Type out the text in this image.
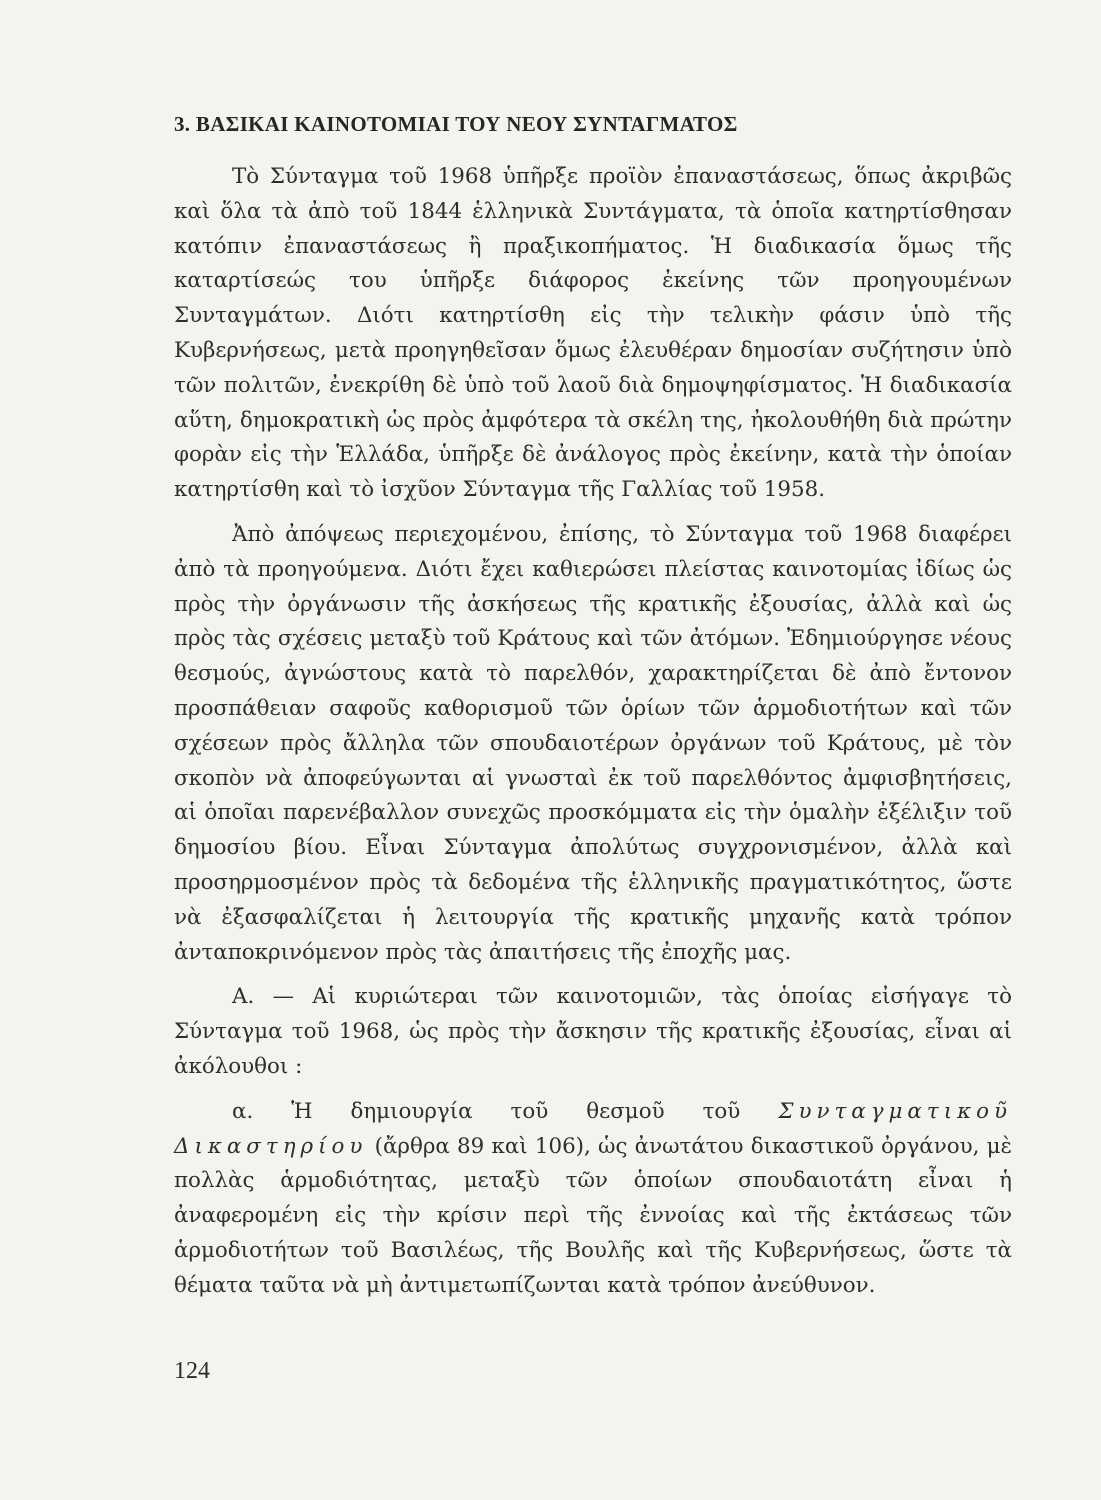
3. ΒΑΣΙΚΑΙ ΚΑΙΝΟΤΟΜΙΑΙ ΤΟΥ ΝΕΟΥ ΣΥΝΤΑΓΜΑΤΟΣ

Τὸ Σύνταγμα τοῦ 1968 ὑπῆρξε προϊὸν ἐπαναστάσεως, ὅπως ἀκριβῶς καὶ ὅλα τὰ ἀπὸ τοῦ 1844 ἑλληνικὰ Συντάγματα, τὰ ὁποῖα κατηρτίσθησαν κατόπιν ἐπαναστάσεως ἢ πραξικοπήματος. Ἡ διαδικασία ὅμως τῆς καταρτίσεώς του ὑπῆρξε διάφορος ἐκείνης τῶν προηγουμένων Συνταγμάτων. Διότι κατηρτίσθη εἰς τὴν τελικὴν φάσιν ὑπὸ τῆς Κυβερνήσεως, μετὰ προηγηθεῖσαν ὅμως ἐλευθέραν δημοσίαν συζήτησιν ὑπὸ τῶν πολιτῶν, ἐνεκρίθη δὲ ὑπὸ τοῦ λαοῦ διὰ δημοψηφίσματος. Ἡ διαδικασία αὕτη, δημοκρατικὴ ὡς πρὸς ἀμφότερα τὰ σκέλη της, ἠκολουθήθη διὰ πρώτην φορὰν εἰς τὴν Ἑλλάδα, ὑπῆρξε δὲ ἀνάλογος πρὸς ἐκείνην, κατὰ τὴν ὁποίαν κατηρτίσθη καὶ τὸ ἰσχῦον Σύνταγμα τῆς Γαλλίας τοῦ 1958.

Ἀπὸ ἀπόψεως περιεχομένου, ἐπίσης, τὸ Σύνταγμα τοῦ 1968 διαφέρει ἀπὸ τὰ προηγούμενα. Διότι ἔχει καθιερώσει πλείστας καινοτομίας ἰδίως ὡς πρὸς τὴν ὀργάνωσιν τῆς ἀσκήσεως τῆς κρατικῆς ἐξουσίας, ἀλλὰ καὶ ὡς πρὸς τὰς σχέσεις μεταξὺ τοῦ Κράτους καὶ τῶν ἀτόμων. Ἐδημιούργησε νέους θεσμούς, ἀγνώστους κατὰ τὸ παρελθόν, χαρακτηρίζεται δὲ ἀπὸ ἔντονον προσπάθειαν σαφοῦς καθορισμοῦ τῶν ὁρίων τῶν ἁρμοδιοτήτων καὶ τῶν σχέσεων πρὸς ἄλληλα τῶν σπουδαιοτέρων ὀργάνων τοῦ Κράτους, μὲ τὸν σκοπὸν νὰ ἀποφεύγωνται αἱ γνωσταὶ ἐκ τοῦ παρελθόντος ἀμφισβητήσεις, αἱ ὁποῖαι παρενέβαλλον συνεχῶς προσκόμματα εἰς τὴν ὁμαλὴν ἐξέλιξιν τοῦ δημοσίου βίου. Εἶναι Σύνταγμα ἀπολύτως συγχρονισμένον, ἀλλὰ καὶ προσηρμοσμένον πρὸς τὰ δεδομένα τῆς ἑλληνικῆς πραγματικότητος, ὥστε νὰ ἐξασφαλίζεται ἡ λειτουργία τῆς κρατικῆς μηχανῆς κατὰ τρόπον ἀνταποκρινόμενον πρὸς τὰς ἀπαιτήσεις τῆς ἐποχῆς μας.

Α. — Αἱ κυριώτεραι τῶν καινοτομιῶν, τὰς ὁποίας εἰσήγαγε τὸ Σύνταγμα τοῦ 1968, ὡς πρὸς τὴν ἄσκησιν τῆς κρατικῆς ἐξουσίας, εἶναι αἱ ἀκόλουθοι :

α. Ἡ δημιουργία τοῦ θεσμοῦ τοῦ Συνταγματικοῦ Δικαστηρίου (ἄρθρα 89 καὶ 106), ὡς ἀνωτάτου δικαστικοῦ ὀργάνου, μὲ πολλὰς ἁρμοδιότητας, μεταξὺ τῶν ὁποίων σπουδαιοτάτη εἶναι ἡ ἀναφερομένη εἰς τὴν κρίσιν περὶ τῆς ἐννοίας καὶ τῆς ἐκτάσεως τῶν ἁρμοδιοτήτων τοῦ Βασιλέως, τῆς Βουλῆς καὶ τῆς Κυβερνήσεως, ὥστε τὰ θέματα ταῦτα νὰ μὴ ἀντιμετωπίζωνται κατὰ τρόπον ἀνεύθυνον.

124
